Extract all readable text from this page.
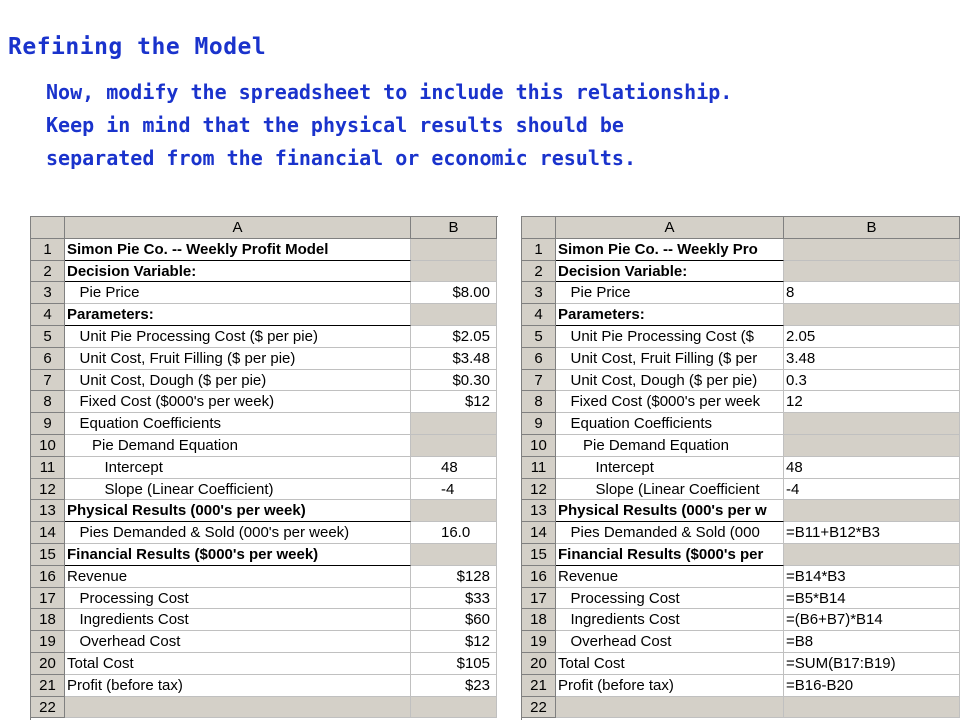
Refining the Model
Now, modify the spreadsheet to include this relationship.
Keep in mind that the physical results should be
separated from the financial or economic results.
A	B
1	Simon Pie Co. -- Weekly Profit Model
2	Decision Variable:
3	Pie Price	$8.00
4	Parameters:
5	Unit Pie Processing Cost ($ per pie)	$2.05
6	Unit Cost, Fruit Filling ($ per pie)	$3.48
7	Unit Cost, Dough ($ per pie)	$0.30
8	Fixed Cost ($000's per week)	$12
9	Equation Coefficients
10 Pie Demand Equation
11 Intercept	48
12 Slope (Linear Coefficient)	-4
13 Physical Results (000's per week)
14 Pies Demanded & Sold (000's per week)	16.0
15 Financial Results ($000's per week)
16 Revenue	$128
17 Processing Cost	$33
18 Ingredients Cost	$60
19 Overhead Cost	$12
20 Total Cost	$105
21 Profit (before tax)	$23
22
A	B
1	Simon Pie Co. -- Weekly Pro
2	Decision Variable:
3	Pie Price	8
4	Parameters:
5	Unit Pie Processing Cost ($	2.05
6	Unit Cost, Fruit Filling ($ per	3.48
7	Unit Cost, Dough ($ per pie)	0.3
8	Fixed Cost ($000's per week	12
9	Equation Coefficients
10 Pie Demand Equation
11 Intercept	48
12 Slope (Linear Coefficient	-4
13 Physical Results (000's per w
14 Pies Demanded & Sold (000	=B11+B12*B3
15 Financial Results ($000's per
16 Revenue	=B14*B3
17 Processing Cost	=B5*B14
18 Ingredients Cost	=(B6+B7)*B14
19 Overhead Cost	=B8
20 Total Cost	=SUM(B17:B19)
21 Profit (before tax)	=B16-B20
22
